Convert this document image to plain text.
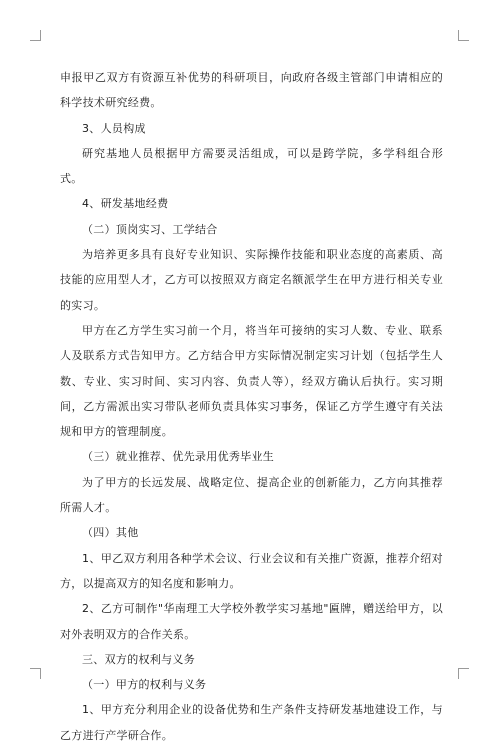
申报甲乙双方有资源互补优势的科研项目，向政府各级主管部门申请相应的科学技术研究经费。

3、人员构成

研究基地人员根据甲方需要灵活组成，可以是跨学院，多学科组合形式。

4、研发基地经费

（二）顶岗实习、工学结合

为培养更多具有良好专业知识、实际操作技能和职业态度的高素质、高技能的应用型人才，乙方可以按照双方商定名额派学生在甲方进行相关专业的实习。

甲方在乙方学生实习前一个月，将当年可接纳的实习人数、专业、联系人及联系方式告知甲方。乙方结合甲方实际情况制定实习计划（包括学生人数、专业、实习时间、实习内容、负责人等），经双方确认后执行。实习期间，乙方需派出实习带队老师负责具体实习事务，保证乙方学生遵守有关法规和甲方的管理制度。

（三）就业推荐、优先录用优秀毕业生

为了甲方的长远发展、战略定位、提高企业的创新能力，乙方向其推荐所需人才。

（四）其他

1、甲乙双方利用各种学术会议、行业会议和有关推广资源，推荐介绍对方，以提高双方的知名度和影响力。

2、乙方可制作"华南理工大学校外教学实习基地"匾牌，赠送给甲方，以对外表明双方的合作关系。

三、双方的权利与义务

（一）甲方的权利与义务

1、甲方充分利用企业的设备优势和生产条件支持研发基地建设工作，与乙方进行产学研合作。
